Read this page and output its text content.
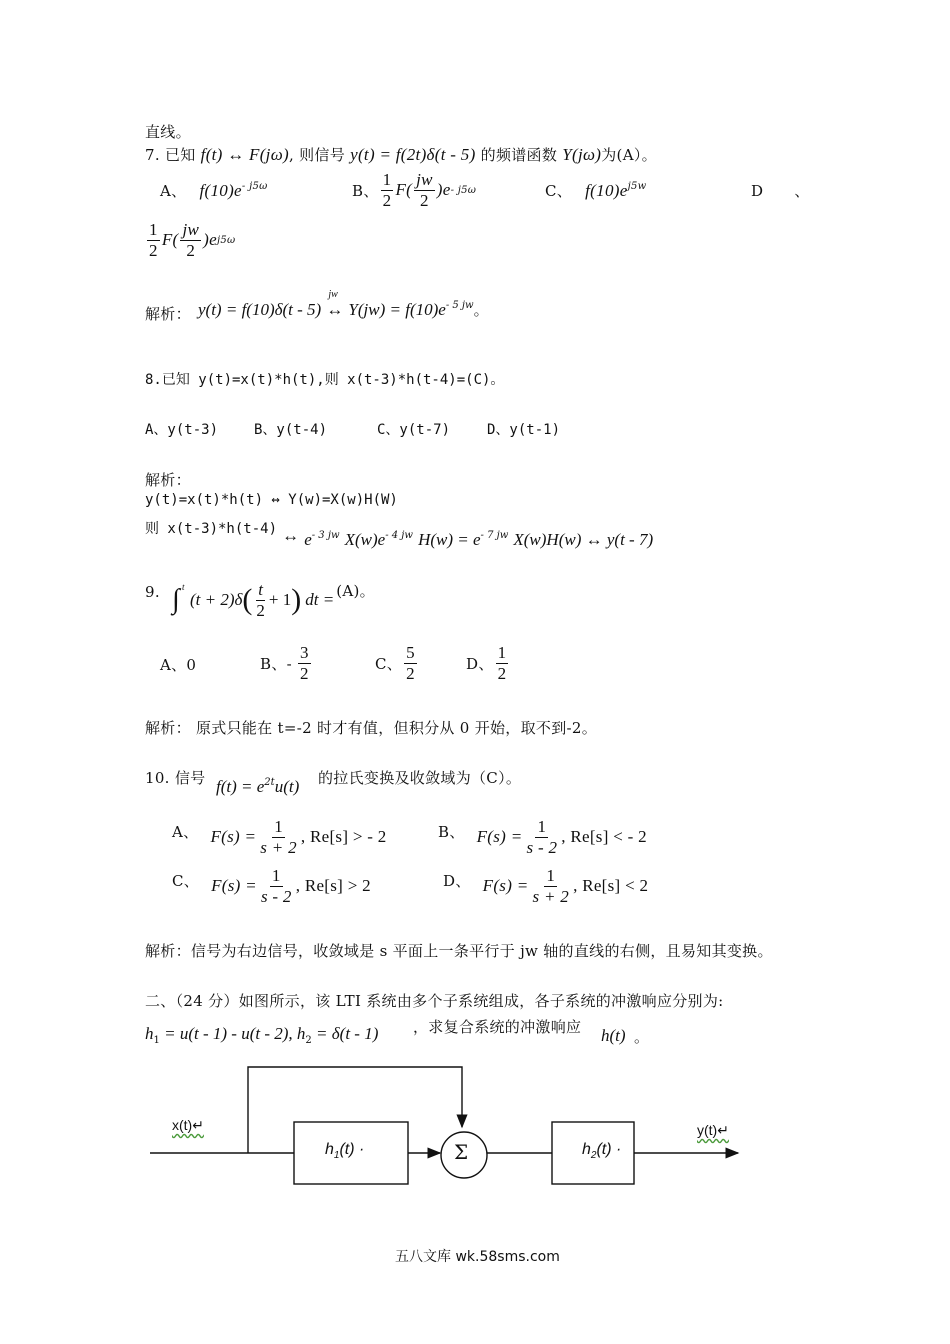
直线。
7. 已知 f(t) ↔ F(jω), 则信号 y(t) = f(2t)δ(t - 5) 的频谱函数 Y(jω)为(A）。
A、 $f(10)e^{- j5\omega}$	B、 $\frac{1}{2} F( \frac{jw}{2} )e - j5\omega$	C、 $f(10)e^{j5w}$	D 、
$\frac{1}{2} F( \frac{jw}{2} )e$ j5ω
解析： y(t) = f(10)δ(t - 5)
jw
↔ $Y(jw) = f(10)e^{- 5 jw}$。
8.已知 y(t)=x(t)*h(t),则 x(t-3)*h(t-4)=(C)。
A、y(t-3)	B、y(t-4)	C、y(t-7)	D、y(t-1)
解析：
y(t)=x(t)*h(t) ↔ Y(w)=X(w)H(W)
则 x(t-3)*h(t-4) ↔ $e^{- 3 jw}$ $X(w)e^{- 4 jw}$ $H(w) = e^{- 7 jw}$ X(w)H(w) ↔ y(t - 7)
9. ∫ t
(t + 2)δ ( $\frac{t}{2} + 1$ ) dt = (A)。
A、0	B、- $\frac{3}{2}$	C、 $\frac{5}{2}$	D、 $\frac{1}{2}$
解析： 原式只能在 t=-2 时才有值，但积分从 0 开始，取不到-2。
10. 信号 $f(t) = e^{2t}u(t)$ 的拉氏变换及收敛域为（C）。
A、 $F(s) = \frac{1}{s + 2}$ , Re[s] > - 2	B、 $F(s) = \frac{1}{s - 2}$ , Re[s] < - 2
C、 $F(s) = \frac{1}{s - 2}$ , Re[s] > 2	D、 $F(s) = \frac{1}{s + 2}$ , Re[s] < 2
解析：信号为右边信号，收敛域是 s 平面上一条平行于 jw 轴的直线的右侧，且易知其变换。
二、（24 分）如图所示，该 LTI 系统由多个子系统组成，各子系统的冲激响应分别为:
$h_1 = u(t - 1) - u(t - 2)$, $h_2 = \delta(t - 1)$ ，求复合系统的冲激响应 h(t) 。
x(t)↵	y(t)↵
$h_1(t)$ ·	Σ	$h_2(t)$ ·
五八文库 wk.58sms.com
